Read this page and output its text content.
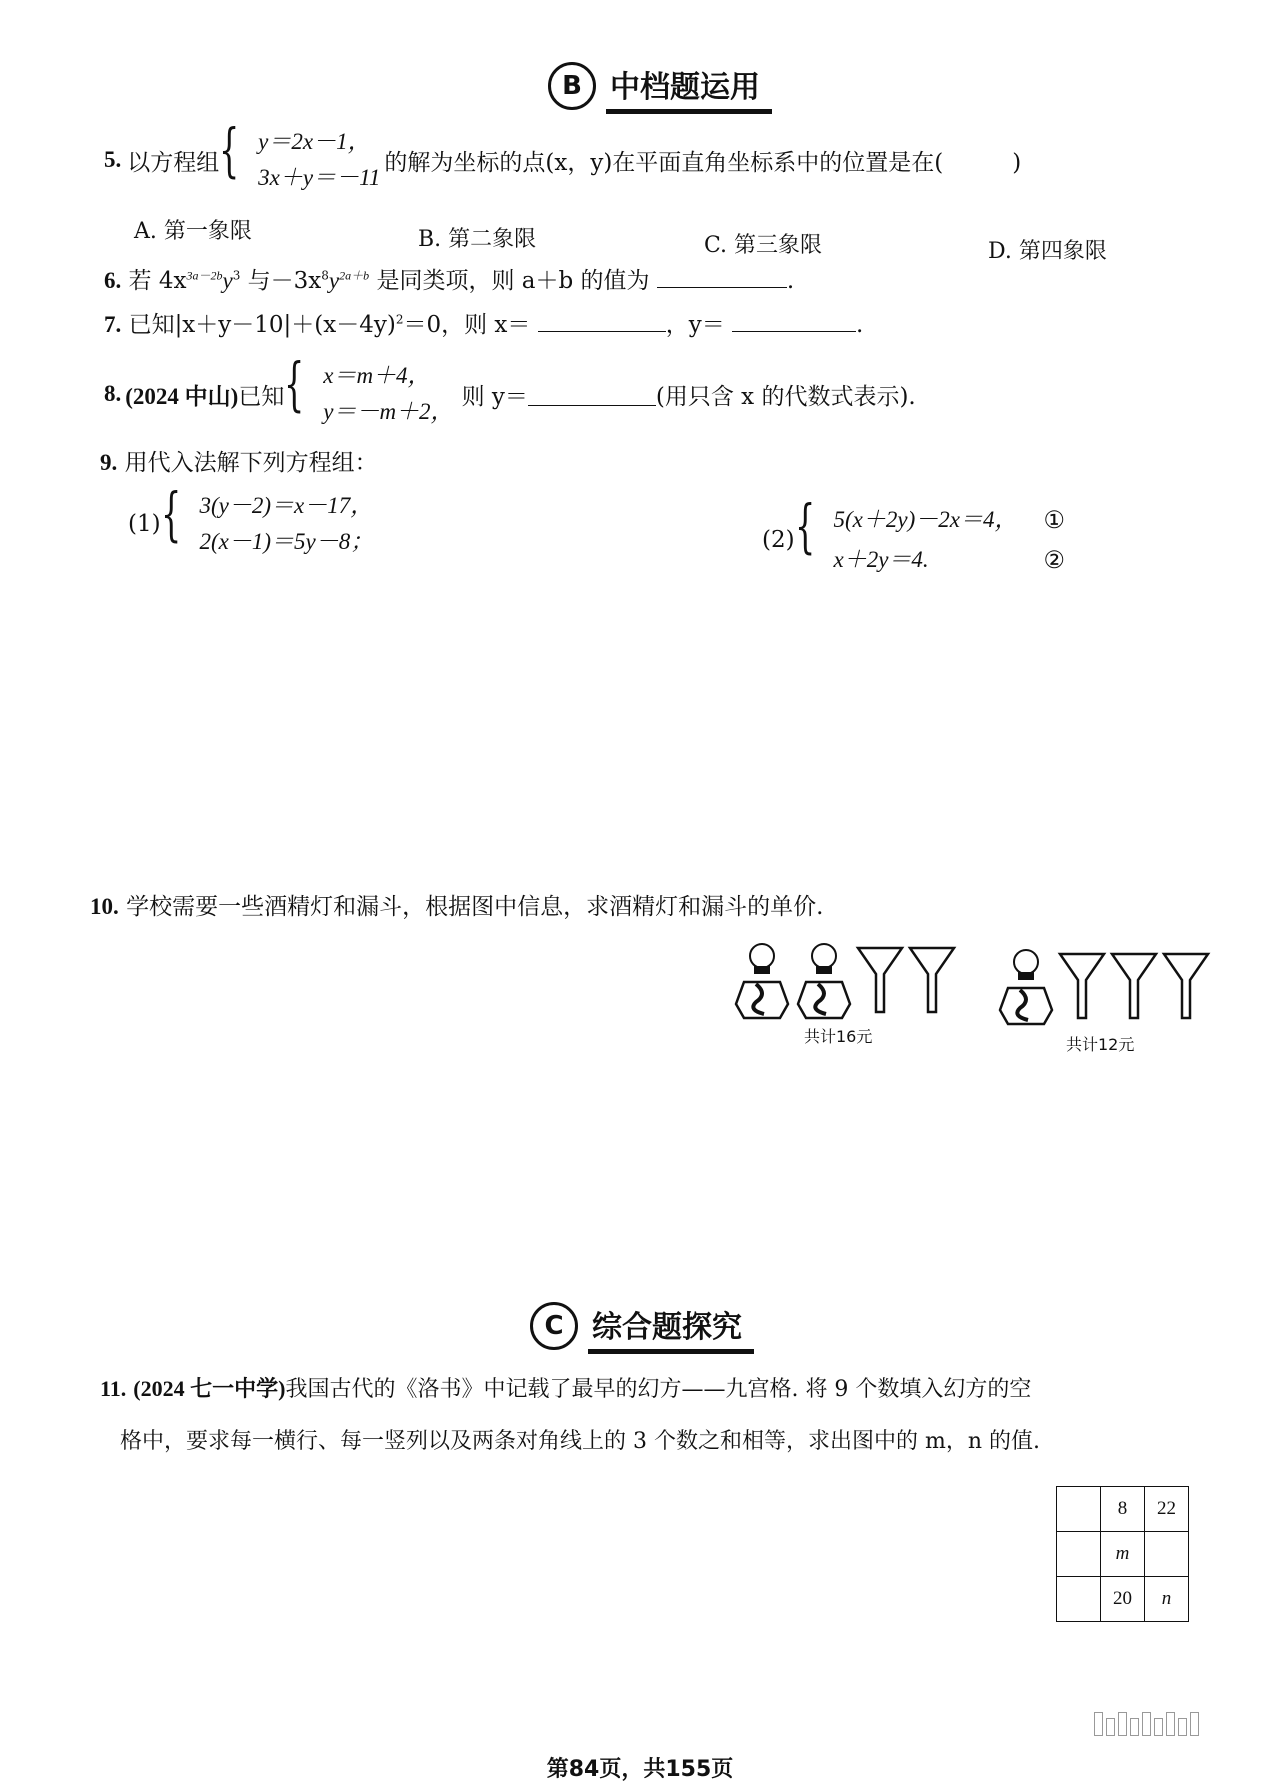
B 中档题运用
5. 以方程组 { y＝2x－1，
3x＋y＝－11
的解为坐标的点(x，y)在平面直角坐标系中的位置是在(　　　)
A. 第一象限	B. 第二象限	C. 第三象限	D. 第四象限
6. 若 $4x^{3a-2b}y^3$ 与$-3x^8y^{2a+b}$ 是同类项，则 a＋b 的值为	.
7. 已知$|x+y-10|+(x-4y)^2=0$，则 x＝	，y＝	.
8. (2024 中山) 已知 { x＝m＋4，
y＝－m＋2，
则 y＝	(用只含 x 的代数式表示).
9. 用代入法解下列方程组：
(1) { 3(y－2)＝x－17，
2(x－1)＝5y－8；	(2) { 5(x＋2y)－2x＝4，
x＋2y＝4.
①
②
10. 学校需要一些酒精灯和漏斗，根据图中信息，求酒精灯和漏斗的单价.
共计16元	共计12元
C 综合题探究
11. (2024 七一中学)我国古代的《洛书》中记载了最早的幻方——九宫格. 将 9 个数填入幻方的空
格中，要求每一横行、每一竖列以及两条对角线上的 3 个数之和相等，求出图中的 m，n 的值.
	8	22
	m	
	20	n
第84页，共155页
